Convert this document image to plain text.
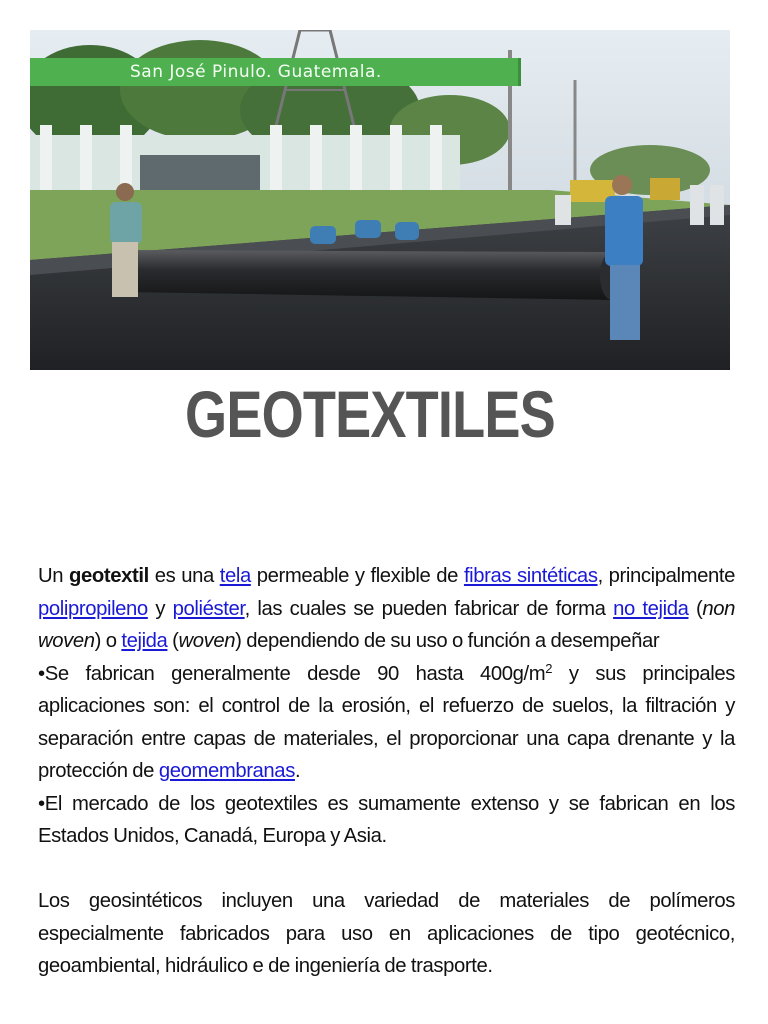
San José Pinulo. Guatemala.
GEOTEXTILES

Un geotextil es una tela permeable y flexible de fibras sintéticas, principalmente polipropileno y poliéster, las cuales se pueden fabricar de forma no tejida (non woven) o tejida (woven) dependiendo de su uso o función a desempeñar

•Se fabrican generalmente desde 90 hasta $400g/m^2$ y sus principales aplicaciones son: el control de la erosión, el refuerzo de suelos, la filtración y separación entre capas de materiales, el proporcionar una capa drenante y la protección de geomembranas.

•El mercado de los geotextiles es sumamente extenso y se fabrican en los Estados Unidos, Canadá, Europa y Asia.

Los geosintéticos incluyen una variedad de materiales de polímeros especialmente fabricados para uso en aplicaciones de tipo geotécnico, geoambiental, hidráulico e de ingeniería de trasporte.
